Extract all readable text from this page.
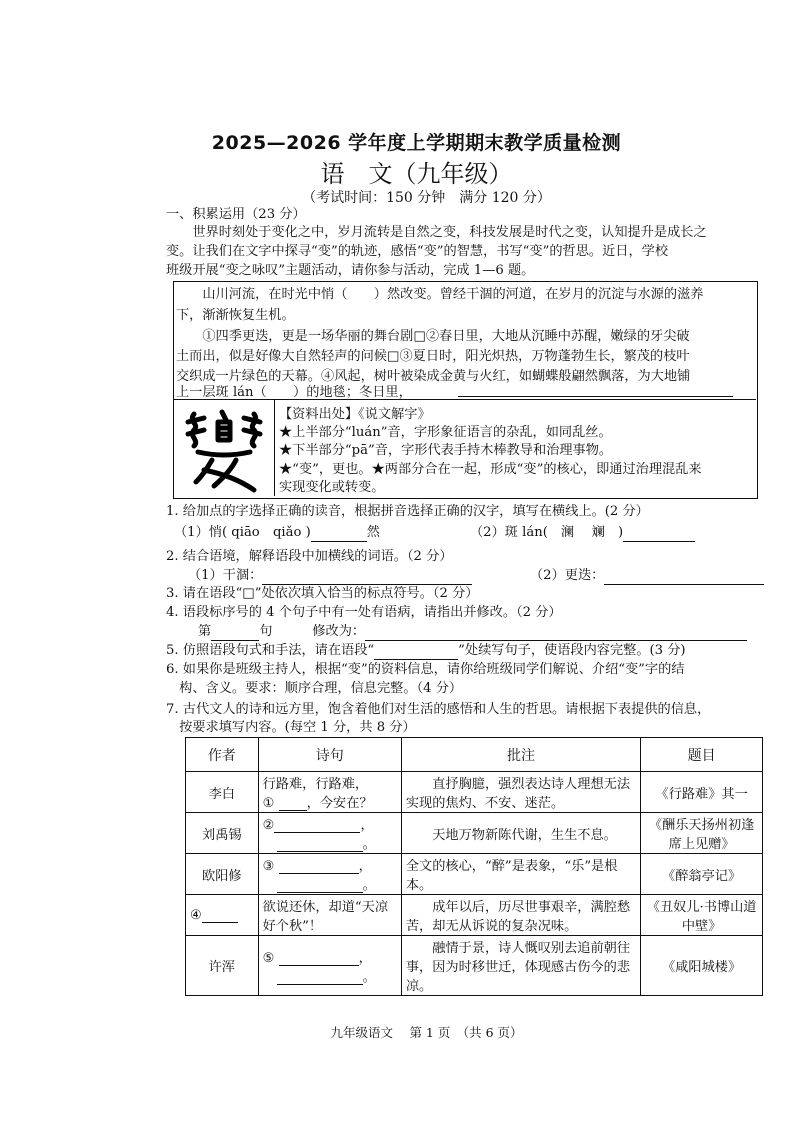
2025—2026 学年度上学期期末教学质量检测
语　文（九年级）
（考试时间：150 分钟　满分 120 分）
一、积累运用（23 分）
　　世界时刻处于变化之中，岁月流转是自然之变，科技发展是时代之变，认知提升是成长之
变。让我们在文字中探寻“变”的轨迹，感悟“变”的智慧，书写“变”的哲思。近日，学校
班级开展“变之咏叹”主题活动，请你参与活动，完成 1—6 题。
　　山川河流，在时光中悄（　　）然改变。曾经干涸的河道，在岁月的沉淀与水源的滋养
下，渐渐恢复生机。
　　①四季更迭，更是一场华丽的舞台剧□②春日里，大地从沉睡中苏醒，嫩绿的牙尖破
土而出，似是好像大自然轻声的问候□③夏日时，阳光炽热，万物蓬勃生长，繁茂的枝叶
交织成一片绿色的天幕。④风起，树叶被染成金黄与火红，如蝴蝶般翩然飘落，为大地铺
上一层斑 lán（　　）的地毯；冬日里，
【资料出处】《说文解字》
★上半部分“luán”音，字形象征语言的杂乱，如同乱丝。
★下半部分“pā”音，字形代表手持木棒教导和治理事物。
★“变”，更也。★两部分合在一起，形成“变”的核心，即通过治理混乱来
实现变化或转变。
1. 给加点的字选择正确的读音，根据拼音选择正确的汉字，填写在横线上。(2 分）
（1）悄( qiāo　qiǎo )	然	（2）斑 lán(　澜　 斓　)
2. 结合语境，解释语段中加横线的词语。（2 分）
（1）干涸：	（2）更迭：
3. 请在语段“□”处依次填入恰当的标点符号。（2 分）
4. 语段标序号的 4 个句子中有一处有语病，请指出并修改。（2 分）
第	句	修改为：
5. 仿照语段句式和手法，请在语段“	”处续写句子，使语段内容完整。(3 分)
6. 如果你是班级主持人，根据“变”的资料信息，请你给班级同学们解说、介绍“变”字的结
　构、含义。要求：顺序合理，信息完整。（4 分）
7. 古代文人的诗和远方里，饱含着他们对生活的感悟和人生的哲思。请根据下表提供的信息，
　按要求填写内容。(每空 1 分，共 8 分）
作者	诗句	批注	题目
李白	行路难，行路难，
① ，今安在？	　　直抒胸臆，强烈表达诗人理想无法实现的焦灼、不安、迷茫。	《行路难》其一
刘禹锡	② ，
。	　　天地万物新陈代谢，生生不息。	《酬乐天扬州初逢席上见赠》
欧阳修	③ ，
。	全文的核心，“醉”是表象，“乐”是根本。	《醉翁亭记》
④	欲说还休，却道“天凉好个秋”！	　　成年以后，历尽世事艰辛，满腔愁苦，却无从诉说的复杂况味。	《丑奴儿·书博山道中壁》
许浑	⑤ ，
。	　　融情于景，诗人慨叹别去追前朝往事，因为时移世迁，体现感古伤今的悲凉。	《咸阳城楼》
九年级语文　 第 1 页　（共 6 页）
